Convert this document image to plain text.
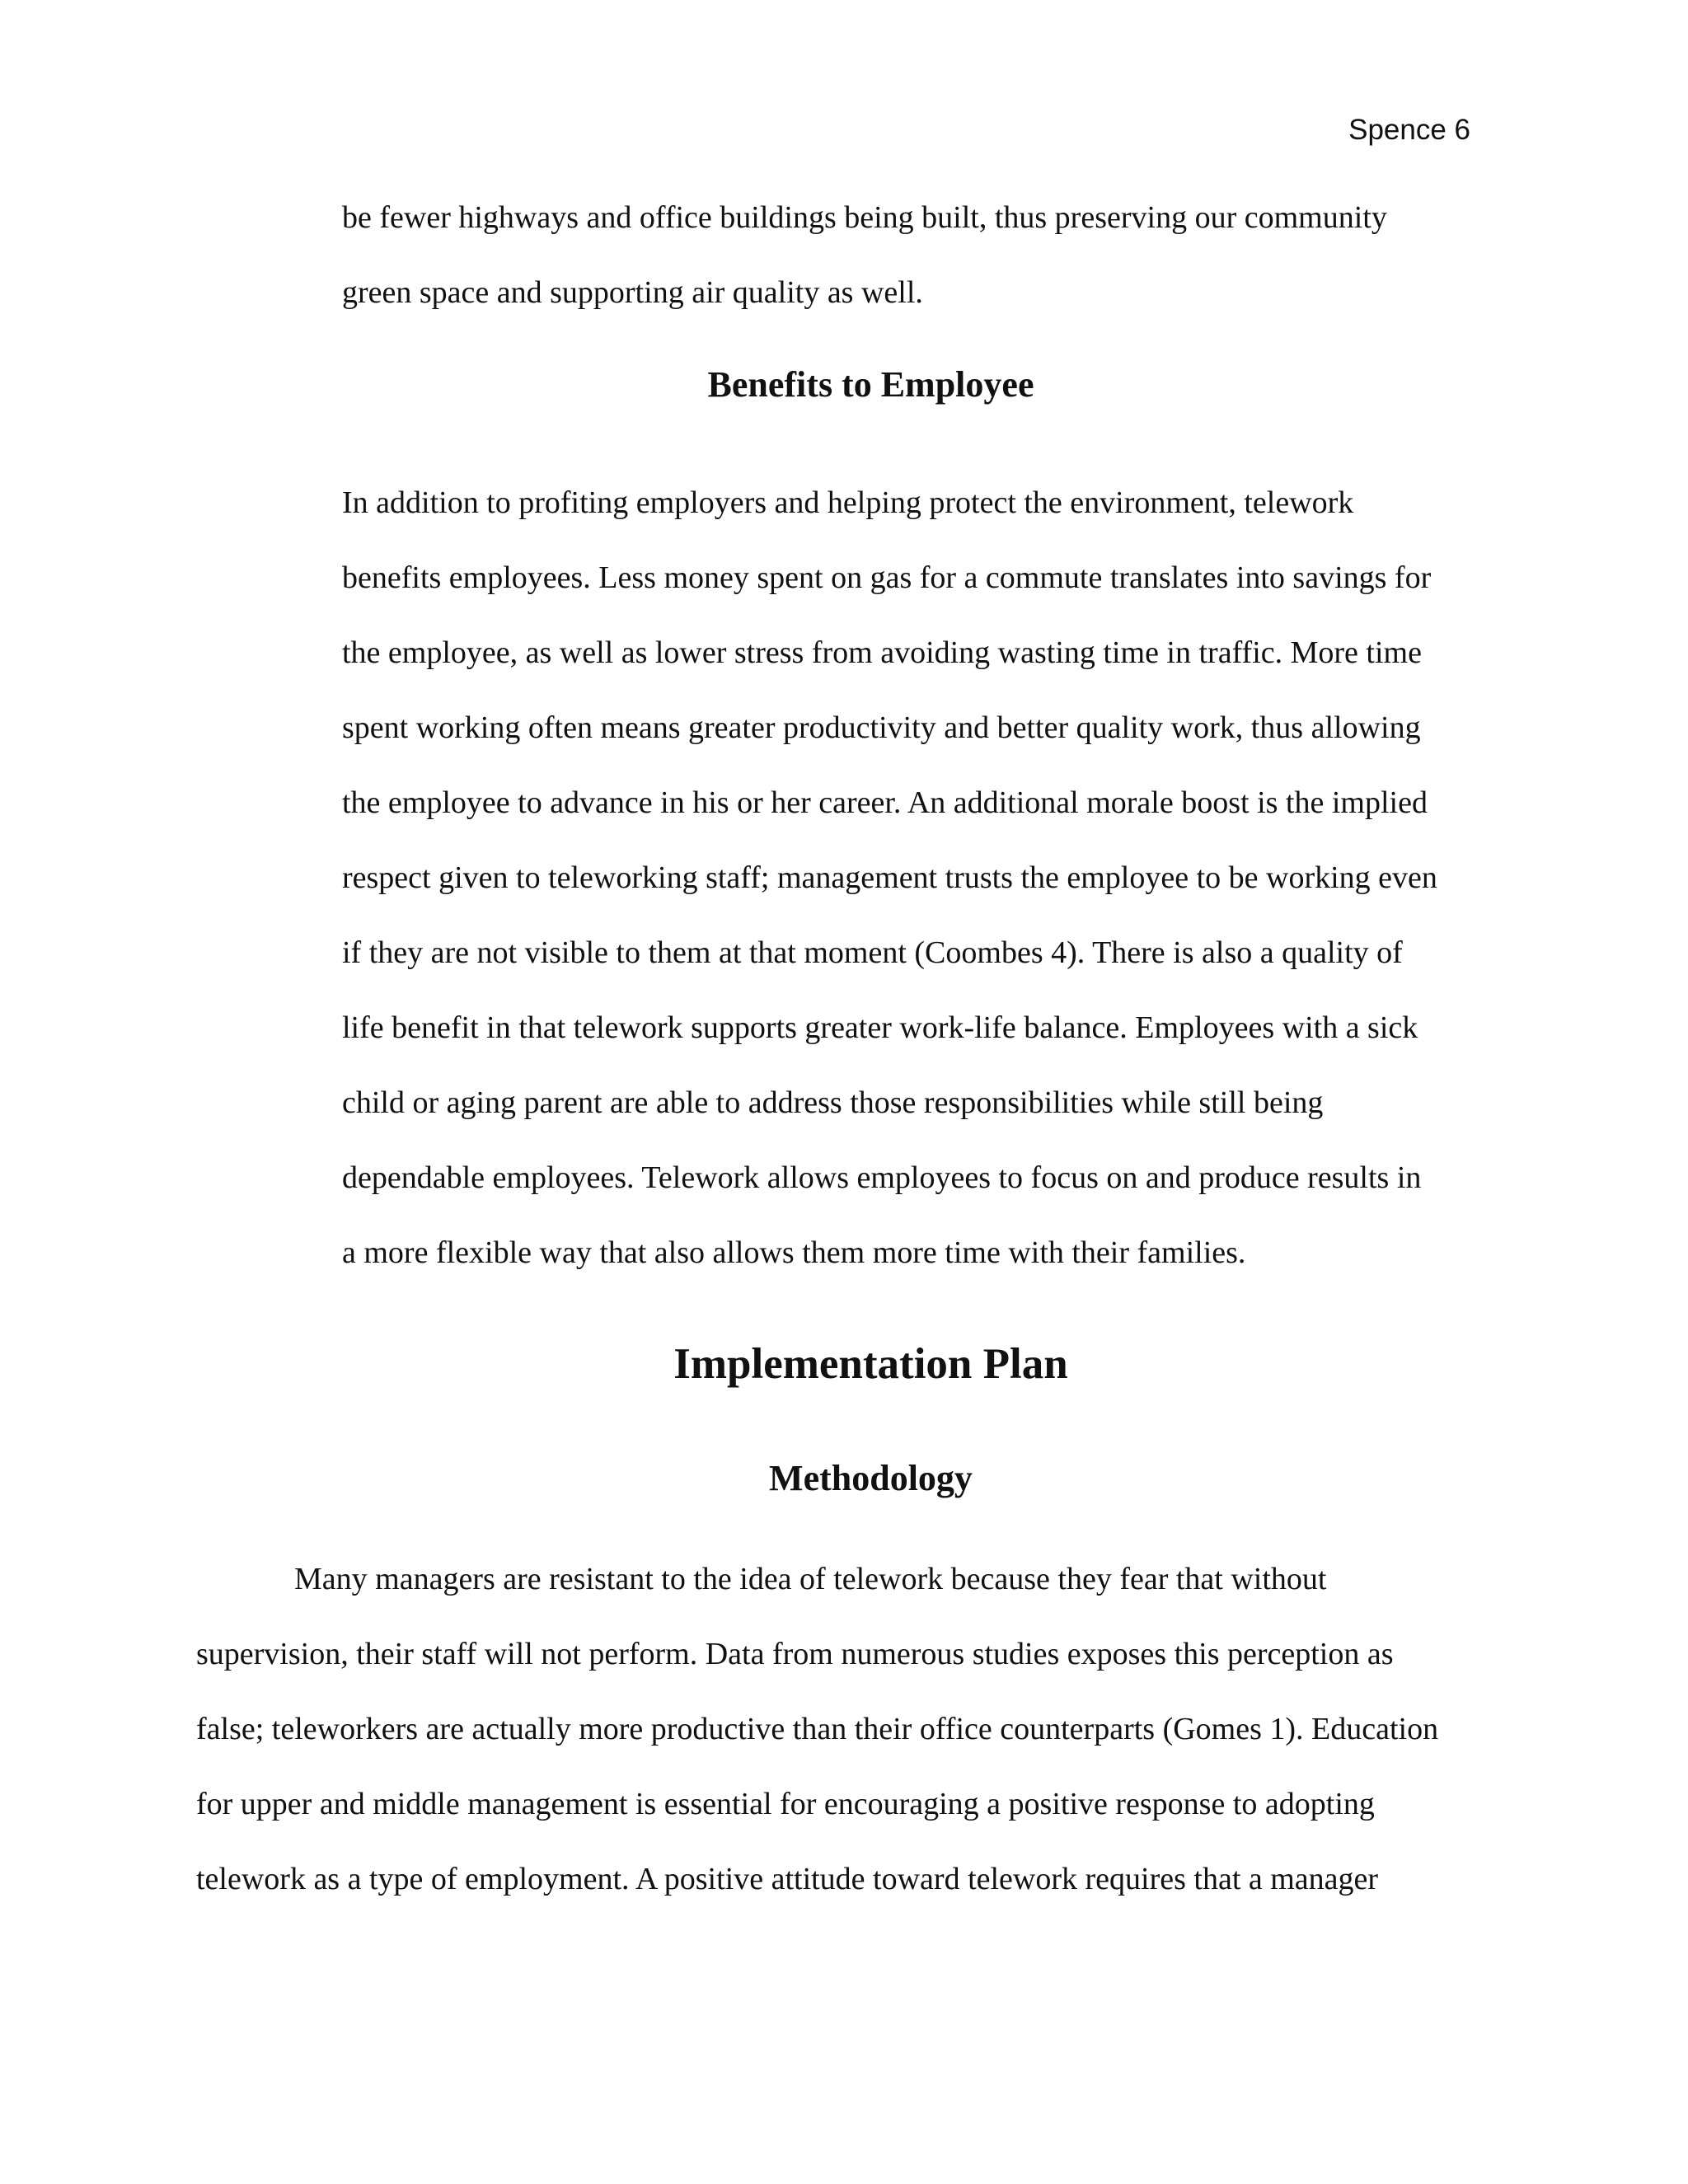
Spence 6
be fewer highways and office buildings being built, thus preserving our community
green space and supporting air quality as well.
Benefits to Employee
In addition to profiting employers and helping protect the environment, telework
benefits employees. Less money spent on gas for a commute translates into savings for
the employee, as well as lower stress from avoiding wasting time in traffic. More time
spent working often means greater productivity and better quality work, thus allowing
the employee to advance in his or her career. An additional morale boost is the implied
respect given to teleworking staff; management trusts the employee to be working even
if they are not visible to them at that moment (Coombes 4). There is also a quality of
life benefit in that telework supports greater work-life balance. Employees with a sick
child or aging parent are able to address those responsibilities while still being
dependable employees. Telework allows employees to focus on and produce results in
a more flexible way that also allows them more time with their families.
Implementation Plan
Methodology
Many managers are resistant to the idea of telework because they fear that without
supervision, their staff will not perform. Data from numerous studies exposes this perception as
false; teleworkers are actually more productive than their office counterparts (Gomes 1). Education
for upper and middle management is essential for encouraging a positive response to adopting
telework as a type of employment. A positive attitude toward telework requires that a manager
